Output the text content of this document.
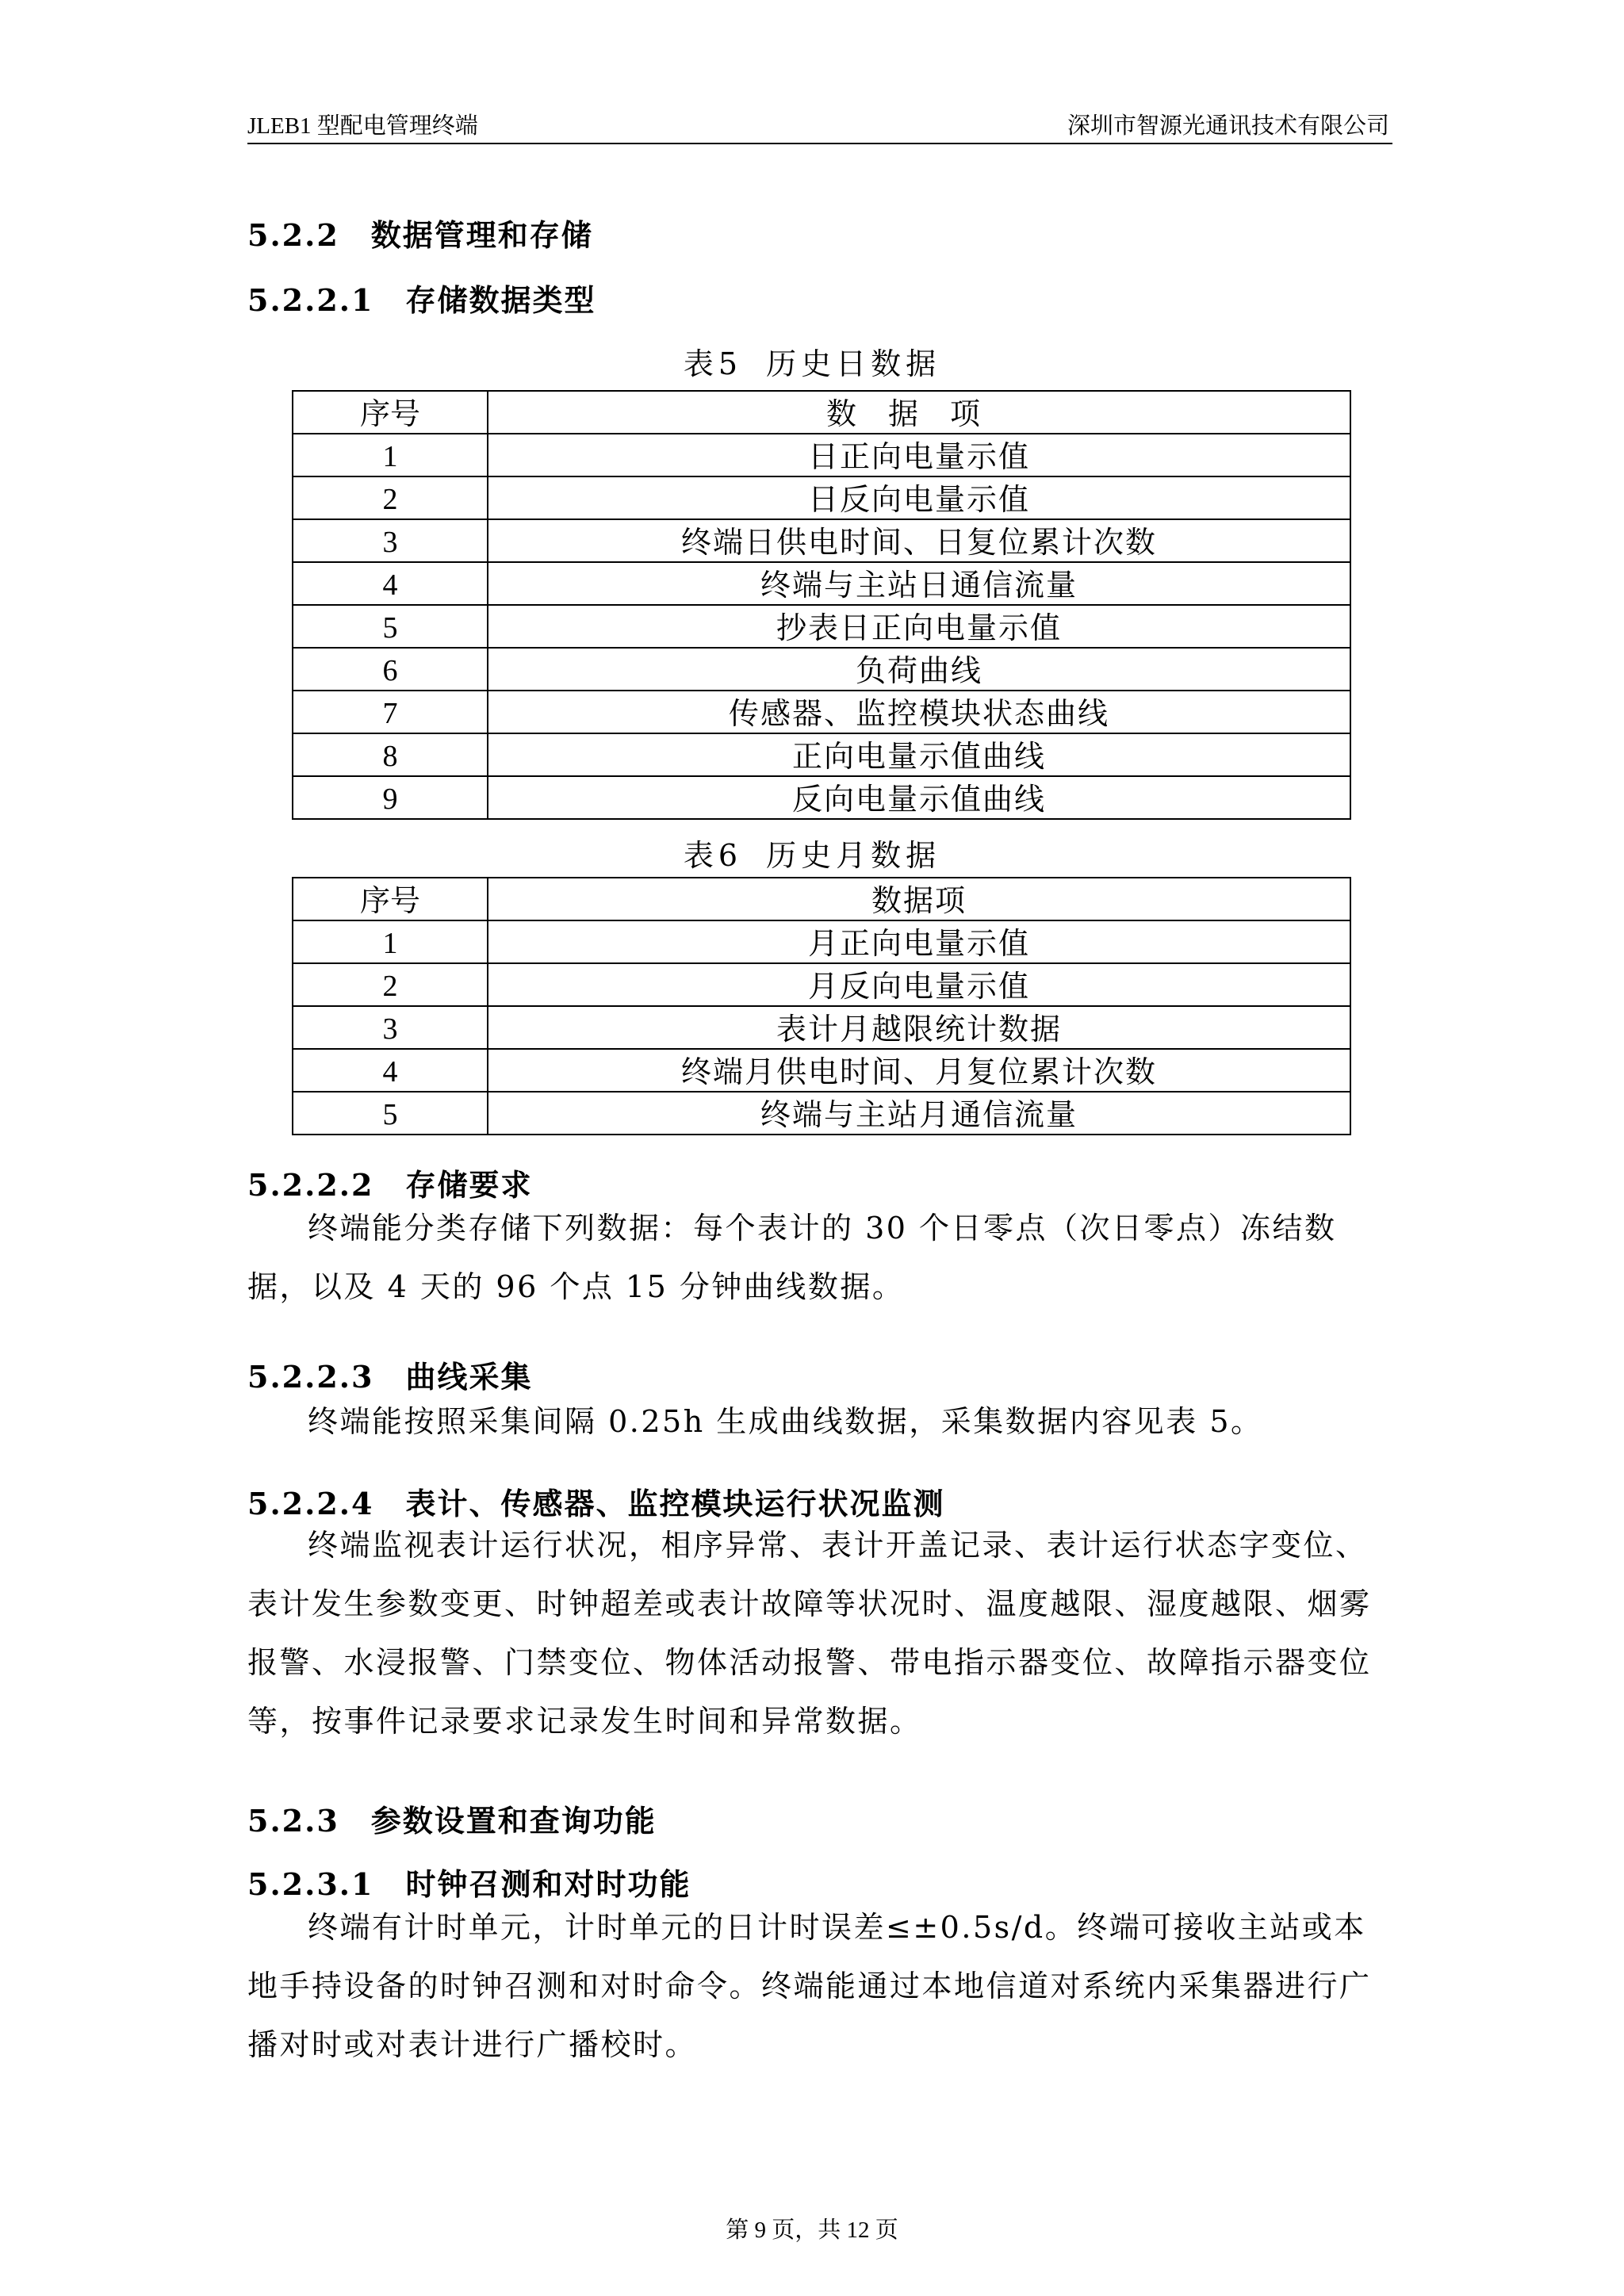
JLEB1 型配电管理终端	深圳市智源光通讯技术有限公司
5.2.2 数据管理和存储
5.2.2.1 存储数据类型
表5 历史日数据
序号	数据项
1	日正向电量示值
2	日反向电量示值
3	终端日供电时间、日复位累计次数
4	终端与主站日通信流量
5	抄表日正向电量示值
6	负荷曲线
7	传感器、监控模块状态曲线
8	正向电量示值曲线
9	反向电量示值曲线
表6 历史月数据
序号	数据项
1	月正向电量示值
2	月反向电量示值
3	表计月越限统计数据
4	终端月供电时间、月复位累计次数
5	终端与主站月通信流量
5.2.2.2 存储要求
终端能分类存储下列数据：每个表计的 30 个日零点（次日零点）冻结数据，以及 4 天的 96 个点 15 分钟曲线数据。
5.2.2.3 曲线采集
终端能按照采集间隔 0.25h 生成曲线数据，采集数据内容见表 5。
5.2.2.4 表计、传感器、监控模块运行状况监测
终端监视表计运行状况，相序异常、表计开盖记录、表计运行状态字变位、表计发生参数变更、时钟超差或表计故障等状况时、温度越限、湿度越限、烟雾报警、水浸报警、门禁变位、物体活动报警、带电指示器变位、故障指示器变位等，按事件记录要求记录发生时间和异常数据。
5.2.3 参数设置和查询功能
5.2.3.1 时钟召测和对时功能
终端有计时单元，计时单元的日计时误差≤±0.5s/d。终端可接收主站或本地手持设备的时钟召测和对时命令。终端能通过本地信道对系统内采集器进行广播对时或对表计进行广播校时。
第 9 页，共 12 页
